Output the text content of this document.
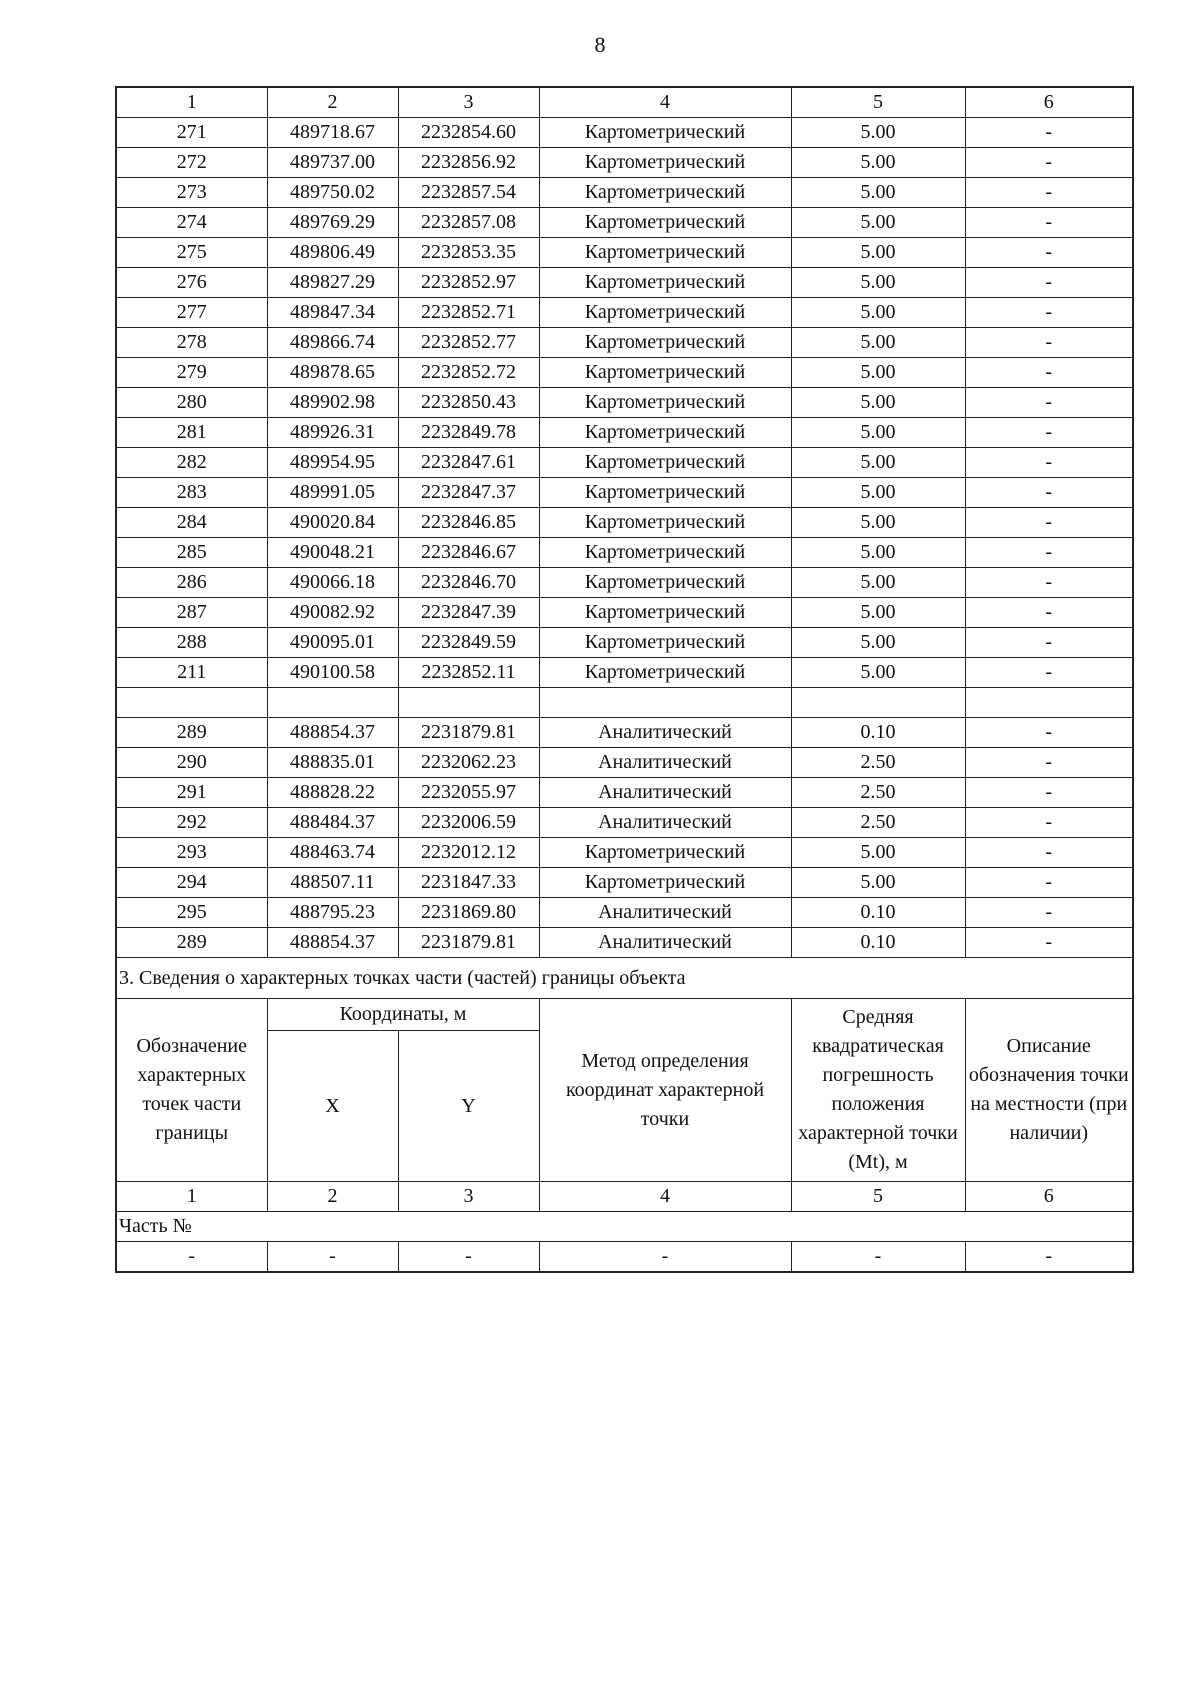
8
1	2	3	4	5	6
271	489718.67	2232854.60	Картометрический	5.00	-
272	489737.00	2232856.92	Картометрический	5.00	-
273	489750.02	2232857.54	Картометрический	5.00	-
274	489769.29	2232857.08	Картометрический	5.00	-
275	489806.49	2232853.35	Картометрический	5.00	-
276	489827.29	2232852.97	Картометрический	5.00	-
277	489847.34	2232852.71	Картометрический	5.00	-
278	489866.74	2232852.77	Картометрический	5.00	-
279	489878.65	2232852.72	Картометрический	5.00	-
280	489902.98	2232850.43	Картометрический	5.00	-
281	489926.31	2232849.78	Картометрический	5.00	-
282	489954.95	2232847.61	Картометрический	5.00	-
283	489991.05	2232847.37	Картометрический	5.00	-
284	490020.84	2232846.85	Картометрический	5.00	-
285	490048.21	2232846.67	Картометрический	5.00	-
286	490066.18	2232846.70	Картометрический	5.00	-
287	490082.92	2232847.39	Картометрический	5.00	-
288	490095.01	2232849.59	Картометрический	5.00	-
211	490100.58	2232852.11	Картометрический	5.00	-

289	488854.37	2231879.81	Аналитический	0.10	-
290	488835.01	2232062.23	Аналитический	2.50	-
291	488828.22	2232055.97	Аналитический	2.50	-
292	488484.37	2232006.59	Аналитический	2.50	-
293	488463.74	2232012.12	Картометрический	5.00	-
294	488507.11	2231847.33	Картометрический	5.00	-
295	488795.23	2231869.80	Аналитический	0.10	-
289	488854.37	2231879.81	Аналитический	0.10	-
3. Сведения о характерных точках части (частей) границы объекта					
Обозначение характерных точек части границы	Координаты, м		Метод определения координат характерной точки	Средняя квадратическая погрешность положения характерной точки (Mt), м	Описание обозначения точки на местности (при наличии)
	X	Y			
1	2	3	4	5	6
Часть №					
-	-	-	-	-	-
